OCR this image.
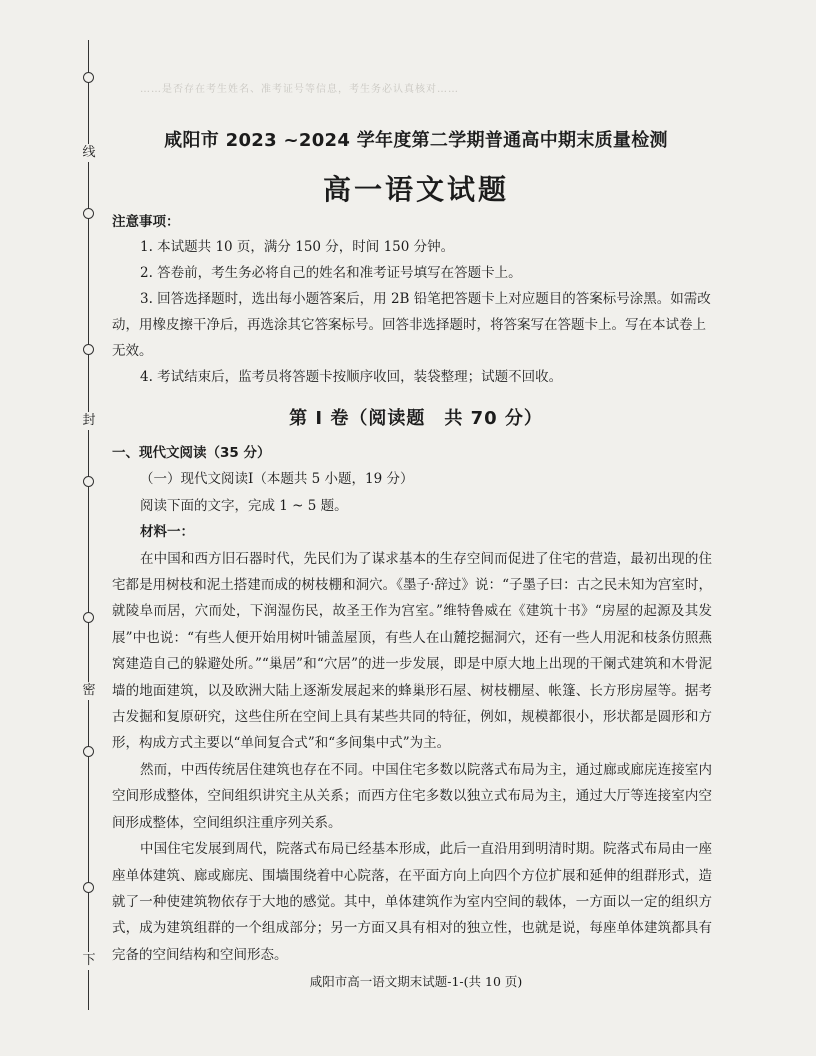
线
封
密
下
……是否存在考生姓名、准考证号等信息，考生务必认真核对……
咸阳市 2023 ~2024 学年度第二学期普通高中期末质量检测
高一语文试题
注意事项：

1. 本试题共 10 页，满分 150 分，时间 150 分钟。

2. 答卷前，考生务必将自己的姓名和准考证号填写在答题卡上。

3. 回答选择题时，选出每小题答案后，用 2B 铅笔把答题卡上对应题目的答案标号涂黑。如需改动，用橡皮擦干净后，再选涂其它答案标号。回答非选择题时，将答案写在答题卡上。写在本试卷上无效。

4. 考试结束后，监考员将答题卡按顺序收回，装袋整理；试题不回收。

第 Ⅰ 卷（阅读题　共 70 分）

一、现代文阅读（35 分）

（一）现代文阅读Ⅰ（本题共 5 小题，19 分）

阅读下面的文字，完成 1 ~ 5 题。

材料一：

在中国和西方旧石器时代，先民们为了谋求基本的生存空间而促进了住宅的营造，最初出现的住宅都是用树枝和泥土搭建而成的树枝棚和洞穴。《墨子·辞过》说：“子墨子曰：古之民未知为宫室时，就陵阜而居，穴而处，下润湿伤民，故圣王作为宫室。”维特鲁威在《建筑十书》“房屋的起源及其发展”中也说：“有些人便开始用树叶铺盖屋顶，有些人在山麓挖掘洞穴，还有一些人用泥和枝条仿照燕窝建造自己的躲避处所。”“巢居”和“穴居”的进一步发展，即是中原大地上出现的干阑式建筑和木骨泥墙的地面建筑，以及欧洲大陆上逐渐发展起来的蜂巢形石屋、树枝棚屋、帐篷、长方形房屋等。据考古发掘和复原研究，这些住所在空间上具有某些共同的特征，例如，规模都很小，形状都是圆形和方形，构成方式主要以“单间复合式”和“多间集中式”为主。

然而，中西传统居住建筑也存在不同。中国住宅多数以院落式布局为主，通过廊或廊庑连接室内空间形成整体，空间组织讲究主从关系；而西方住宅多数以独立式布局为主，通过大厅等连接室内空间形成整体，空间组织注重序列关系。

中国住宅发展到周代，院落式布局已经基本形成，此后一直沿用到明清时期。院落式布局由一座座单体建筑、廊或廊庑、围墙围绕着中心院落，在平面方向上向四个方位扩展和延伸的组群形式，造就了一种使建筑物依存于大地的感觉。其中，单体建筑作为室内空间的载体，一方面以一定的组织方式，成为建筑组群的一个组成部分；另一方面又具有相对的独立性，也就是说，每座单体建筑都具有完备的空间结构和空间形态。

咸阳市高一语文期末试题-1-(共 10 页)
